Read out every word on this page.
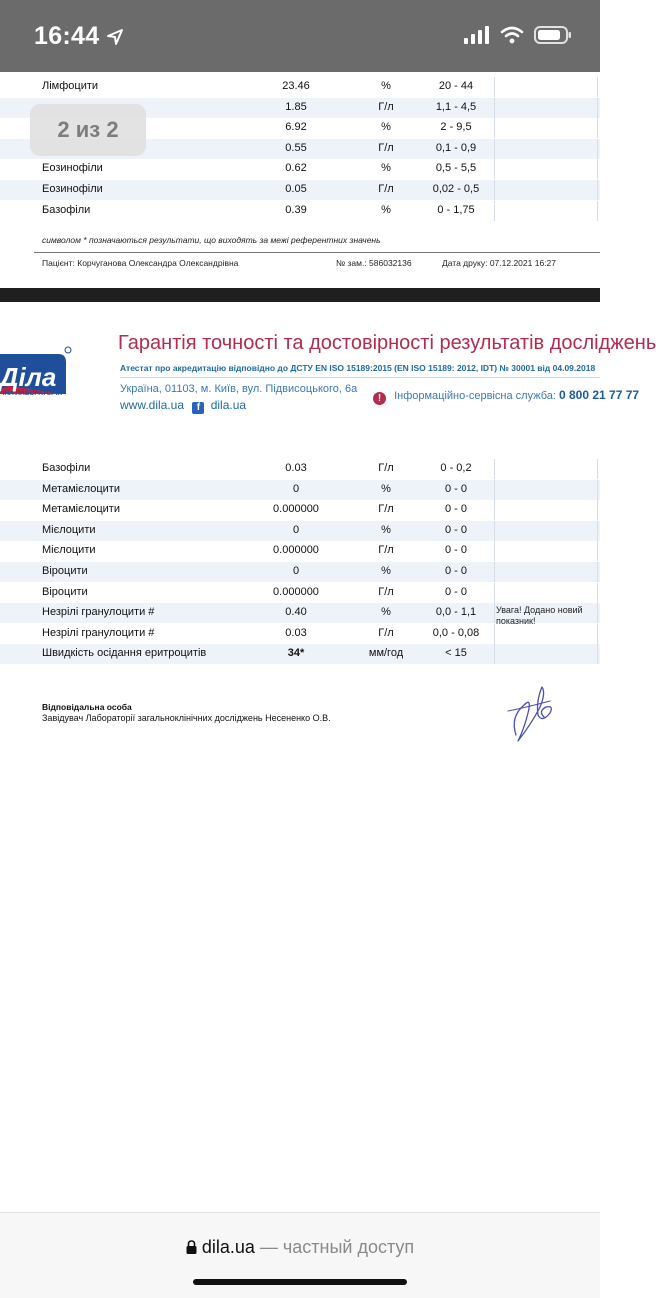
16:44
Лімфоцити	23.46	%	20 - 44
1.85	Г/л	1,1 - 4,5
6.92	%	2 - 9,5
0.55	Г/л	0,1 - 0,9
Еозинофіли	0.62	%	0,5 - 5,5
Еозинофіли	0.05	Г/л	0,02 - 0,5
Базофіли	0.39	%	0 - 1,75
символом * позначаються результати, що виходять за межі референтних значень
Пацієнт: Корчуганова Олександра Олександрівна	№ зам.: 586032136	Дата друку: 07.12.2021 16:27
2 из 2
Діла
ЧНА ЛАБОРАТОРІЯ
Гарантія точності та достовірності результатів досліджень
Атестат про акредитацію відповідно до ДСТУ EN ISO 15189:2015 (EN ISO 15189: 2012, IDT) № 30001 від 04.09.2018
Україна, 01103, м. Київ, вул. Підвисоцького, 6а
www.dila.ua f dila.ua	! Інформаційно-сервісна служба: 0 800 21 77 77
Базофіли	0.03	Г/л	0 - 0,2
Метамієлоцити	0	%	0 - 0
Метамієлоцити	0.000000	Г/л	0 - 0
Мієлоцити	0	%	0 - 0
Мієлоцити	0.000000	Г/л	0 - 0
Віроцити	0	%	0 - 0
Віроцити	0.000000	Г/л	0 - 0
Незрілі гранулоцити #	0.40	%	0,0 - 1,1
Незрілі гранулоцити #	0.03	Г/л	0,0 - 0,08
Швидкість осідання еритроцитів	34*	мм/год	< 15
Увага! Додано новий
показник!
Відповідальна особа
Завідувач Лабораторії загальноклінічних досліджень Несененко О.В.
dila.ua — частный доступ
